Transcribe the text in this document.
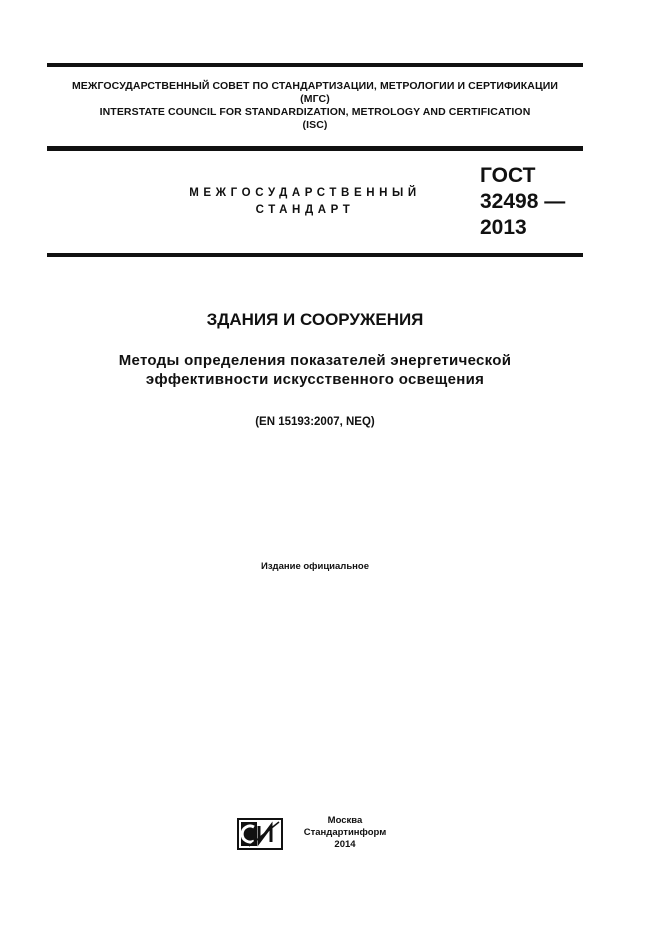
МЕЖГОСУДАРСТВЕННЫЙ СОВЕТ ПО СТАНДАРТИЗАЦИИ, МЕТРОЛОГИИ И СЕРТИФИКАЦИИ
(МГС)
INTERSTATE COUNCIL FOR STANDARDIZATION, METROLOGY AND CERTIFICATION
(ISC)
МЕЖГОСУДАРСТВЕННЫЙ
СТАНДАРТ
ГОСТ
32498 —
2013
ЗДАНИЯ И СООРУЖЕНИЯ
Методы определения показателей энергетической
эффективности искусственного освещения
(EN 15193:2007, NEQ)
Издание официальное
Москва
Стандартинформ
2014
